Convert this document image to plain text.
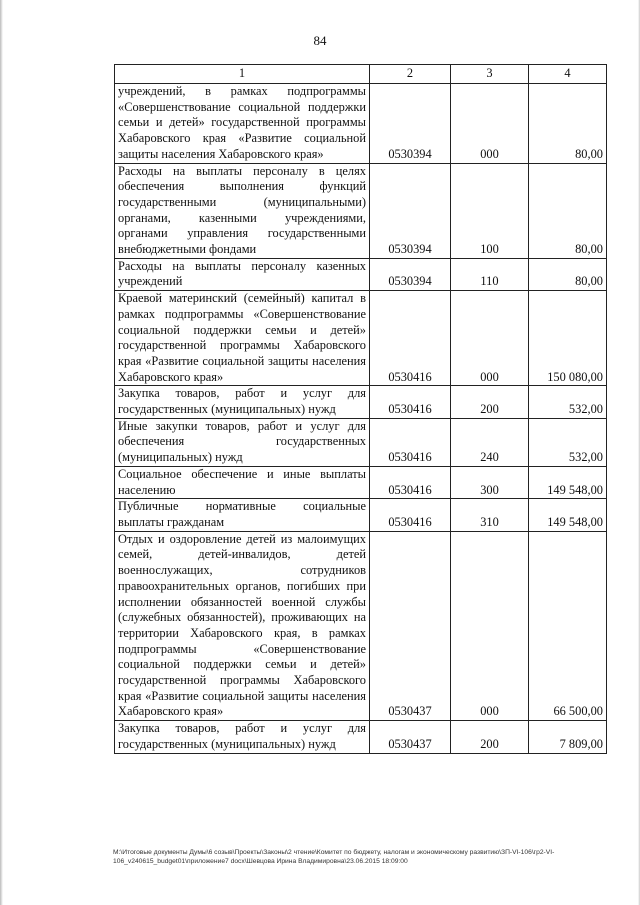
84
1	2	3	4
учреждений, в рамках подпрограммы «Совершенствование социальной поддержки семьи и детей» государственной программы Хабаровского края «Развитие социальной защиты населения Хабаровского края»	0530394	000	80,00
Расходы на выплаты персоналу в целях обеспечения выполнения функций государственными (муниципальными) органами, казенными учреждениями, органами управления государственными внебюджетными фондами	0530394	100	80,00
Расходы на выплаты персоналу казенных учреждений	0530394	110	80,00
Краевой материнский (семейный) капитал в рамках подпрограммы «Совершенствование социальной поддержки семьи и детей» государственной программы Хабаровского края «Развитие социальной защиты населения Хабаровского края»	0530416	000	150 080,00
Закупка товаров, работ и услуг для государственных (муниципальных) нужд	0530416	200	532,00
Иные закупки товаров, работ и услуг для обеспечения государственных (муниципальных) нужд	0530416	240	532,00
Социальное обеспечение и иные выплаты населению	0530416	300	149 548,00
Публичные нормативные социальные выплаты гражданам	0530416	310	149 548,00
Отдых и оздоровление детей из малоимущих семей, детей-инвалидов, детей военнослужащих, сотрудников правоохранительных органов, погибших при исполнении обязанностей военной службы (служебных обязанностей), проживающих на территории Хабаровского края, в рамках подпрограммы «Совершенствование социальной поддержки семьи и детей» государственной программы Хабаровского края «Развитие социальной защиты населения Хабаровского края»	0530437	000	66 500,00
Закупка товаров, работ и услуг для государственных (муниципальных) нужд	0530437	200	7 809,00
М:\Итоговые документы Думы\6 созыв\Проекты\Законы\2 чтение\Комитет по бюджету, налогам и экономическому развитию\ЗП-VI-106\гр2-VI-106_v240615_budget01\приложение7 docx\Шевцова Ирина Владимировна\23.06.2015 18:09:00
